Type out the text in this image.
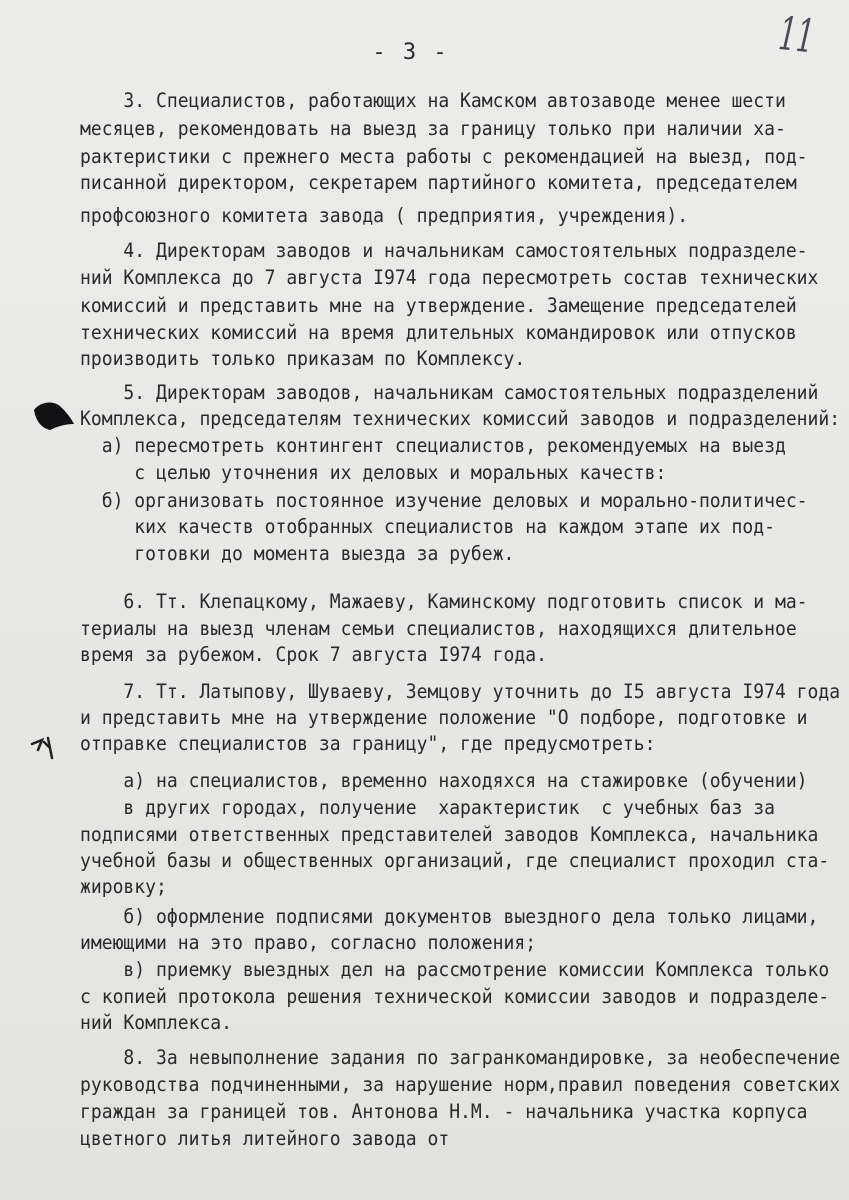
- 3 -	11
3. Специалистов, работающих на Камском автозаводе менее шести
месяцев, рекомендовать на выезд за границу только при наличии ха-
рактеристики с прежнего места работы с рекомендацией на выезд, под-
писанной директором, секретарем партийного комитета, председателем
профсоюзного комитета завода ( предприятия, учреждения).
4. Директорам заводов и начальникам самостоятельных подразделе-
ний Комплекса до 7 августа I974 года пересмотреть состав технических
комиссий и представить мне на утверждение. Замещение председателей
технических комиссий на время длительных командировок или отпусков
производить только приказам по Комплексу.
5. Директорам заводов, начальникам самостоятельных подразделений
Комплекса, председателям технических комиссий заводов и подразделений:
а) пересмотреть контингент специалистов, рекомендуемых на выезд
с целью уточнения их деловых и моральных качеств:
б) организовать постоянное изучение деловых и морально-политичес-
ких качеств отобранных специалистов на каждом этапе их под-
готовки до момента выезда за рубеж.
6. Тт. Клепацкому, Мажаеву, Каминскому подготовить список и ма-
териалы на выезд членам семьи специалистов, находящихся длительное
время за рубежом. Срок 7 августа I974 года.
7. Тт. Латыпову, Шуваеву, Земцову уточнить до I5 августа I974 года
и представить мне на утверждение положение "О подборе, подготовке и
отправке специалистов за границу", где предусмотреть:
а) на специалистов, временно находяхся на стажировке (обучении)
в других городах, получение  характеристик  с учебных баз за
подписями ответственных представителей заводов Комплекса, начальника
учебной базы и общественных организаций, где специалист проходил ста-
жировку;
б) оформление подписями документов выездного дела только лицами,
имеющими на это право, согласно положения;
в) приемку выездных дел на рассмотрение комиссии Комплекса только
с копией протокола решения технической комиссии заводов и подразделе-
ний Комплекса.
8. За невыполнение задания по загранкомандировке, за необеспечение
руководства подчиненными, за нарушение норм,правил поведения советских
граждан за границей тов. Антонова Н.М. - начальника участка корпуса
цветного литья литейного завода от
